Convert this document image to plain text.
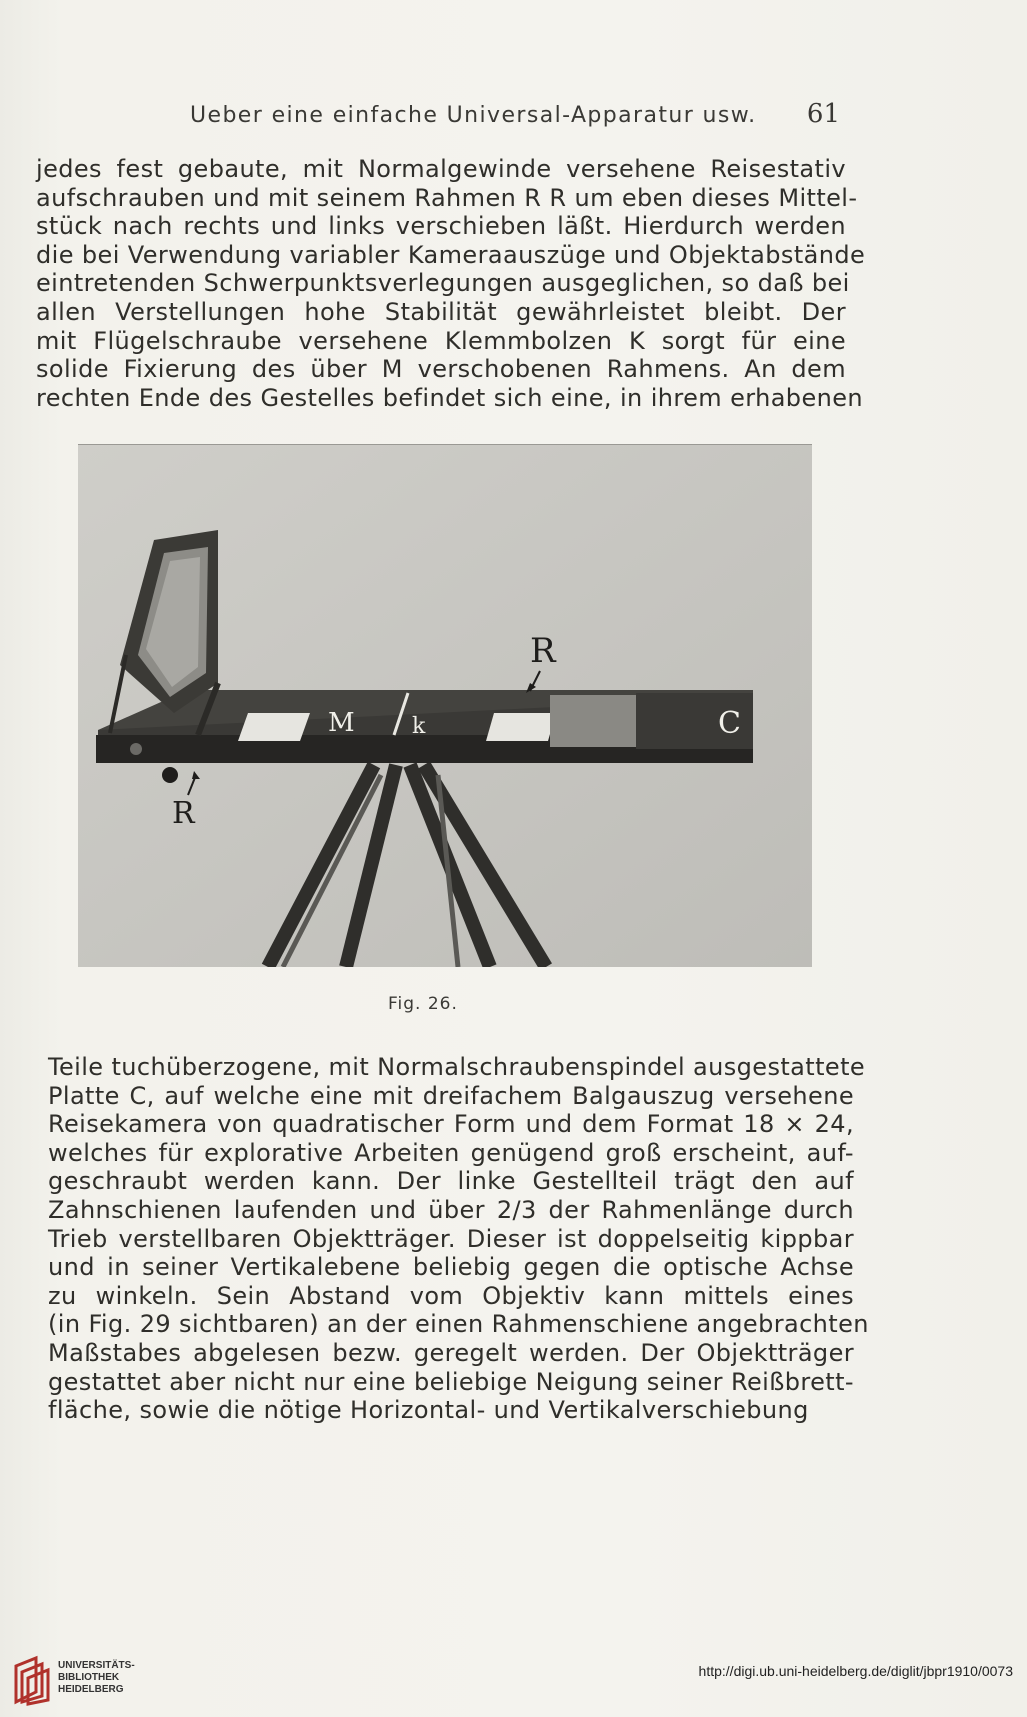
Ueber eine einfache Universal-Apparatur usw. 61
jedes fest gebaute, mit Normalgewinde versehene Reisestativ
aufschrauben und mit seinem Rahmen R R um eben dieses Mittel-
stück nach rechts und links verschieben läßt. Hierdurch werden
die bei Verwendung variabler Kameraauszüge und Objektabstände
eintretenden Schwerpunktsverlegungen ausgeglichen, so daß bei
allen Verstellungen hohe Stabilität gewährleistet bleibt. Der
mit Flügelschraube versehene Klemmbolzen K sorgt für eine
solide Fixierung des über M verschobenen Rahmens. An dem
rechten Ende des Gestelles befindet sich eine, in ihrem erhabenen
R
M	k	C
R
Fig. 26.
Teile tuchüberzogene, mit Normalschraubenspindel ausgestattete
Platte C, auf welche eine mit dreifachem Balgauszug versehene
Reisekamera von quadratischer Form und dem Format 18 × 24,
welches für explorative Arbeiten genügend groß erscheint, auf-
geschraubt werden kann. Der linke Gestellteil trägt den auf
Zahnschienen laufenden und über 2/3 der Rahmenlänge durch
Trieb verstellbaren Objektträger. Dieser ist doppelseitig kippbar
und in seiner Vertikalebene beliebig gegen die optische Achse
zu winkeln. Sein Abstand vom Objektiv kann mittels eines
(in Fig. 29 sichtbaren) an der einen Rahmenschiene angebrachten
Maßstabes abgelesen bezw. geregelt werden. Der Objektträger
gestattet aber nicht nur eine beliebige Neigung seiner Reißbrett-
fläche, sowie die nötige Horizontal- und Vertikalverschiebung
UNIVERSITÄTS-
BIBLIOTHEK
HEIDELBERG
http://digi.ub.uni-heidelberg.de/diglit/jbpr1910/0073
